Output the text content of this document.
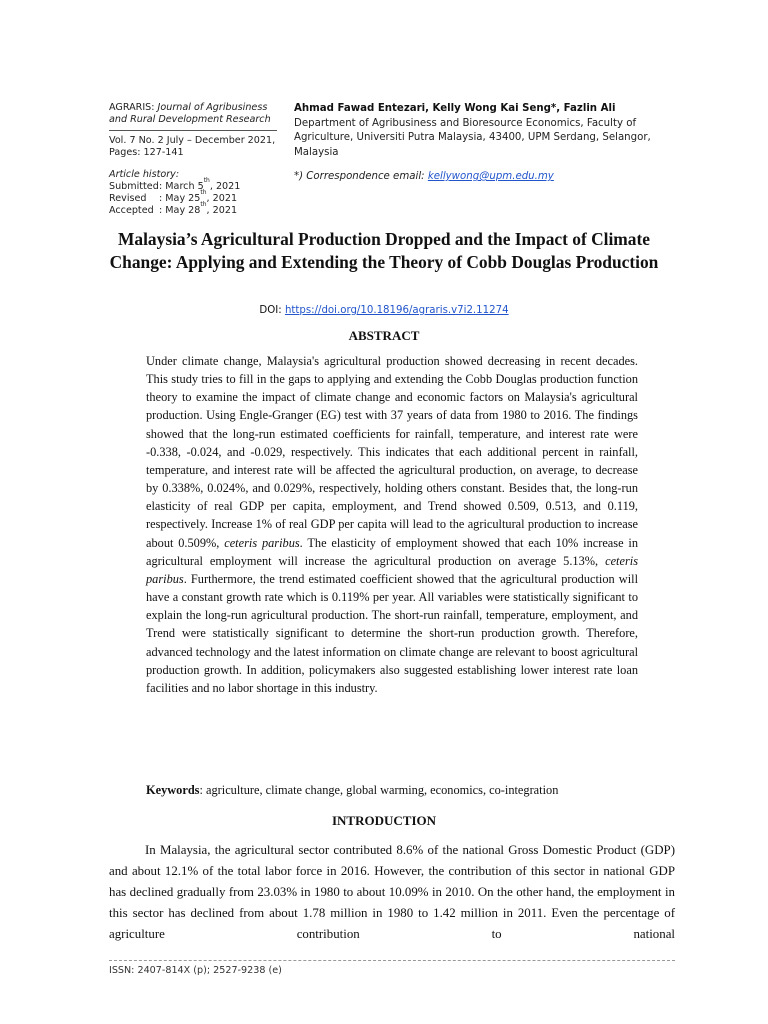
AGRARIS: Journal of Agribusiness and Rural Development Research
Vol. 7 No. 2 July – December 2021,
Pages: 127-141
Article history:
Submitted : March 5
th
, 2021
Revised	: May 25
th
, 2021
Accepted : May 28
th
, 2021
Ahmad Fawad Entezari, Kelly Wong Kai Seng*, Fazlin Ali
Department of Agribusiness and Bioresource Economics, Faculty of Agriculture, Universiti Putra Malaysia, 43400, UPM Serdang, Selangor, Malaysia
*) Correspondence email: kellywong@upm.edu.my
Malaysia’s Agricultural Production Dropped and the Impact of Climate Change: Applying and Extending the Theory of Cobb Douglas Production
DOI: https://doi.org/10.18196/agraris.v7i2.11274
ABSTRACT

Under climate change, Malaysia's agricultural production showed decreasing in recent decades. This study tries to fill in the gaps to applying and extending the Cobb Douglas production function theory to examine the impact of climate change and economic factors on Malaysia's agricultural production. Using Engle-Granger (EG) test with 37 years of data from 1980 to 2016. The findings showed that the long-run estimated coefficients for rainfall, temperature, and interest rate were -0.338, -0.024, and -0.029, respectively. This indicates that each additional percent in rainfall, temperature, and interest rate will be affected the agricultural production, on average, to decrease by 0.338%, 0.024%, and 0.029%, respectively, holding others constant. Besides that, the long-run elasticity of real GDP per capita, employment, and Trend showed 0.509, 0.513, and 0.119, respectively. Increase 1% of real GDP per capita will lead to the agricultural production to increase about 0.509%, ceteris paribus. The elasticity of employment showed that each 10% increase in agricultural employment will increase the agricultural production on average 5.13%, ceteris paribus. Furthermore, the trend estimated coefficient showed that the agricultural production will have a constant growth rate which is 0.119% per year. All variables were statistically significant to explain the long-run agricultural production. The short-run rainfall, temperature, employment, and Trend were statistically significant to determine the short-run production growth. Therefore, advanced technology and the latest information on climate change are relevant to boost agricultural production growth. In addition, policymakers also suggested establishing lower interest rate loan facilities and no labor shortage in this industry.

Keywords: agriculture, climate change, global warming, economics, co-integration
INTRODUCTION

In Malaysia, the agricultural sector contributed 8.6% of the national Gross Domestic Product (GDP) and about 12.1% of the total labor force in 2016. However, the contribution of this sector in national GDP has declined gradually from 23.03% in 1980 to about 10.09% in 2010. On the other hand, the employment in this sector has declined from about 1.78 million in 1980 to 1.42 million in 2011. Even the percentage of agriculture contribution to national

ISSN: 2407-814X (p); 2527-9238 (e)
